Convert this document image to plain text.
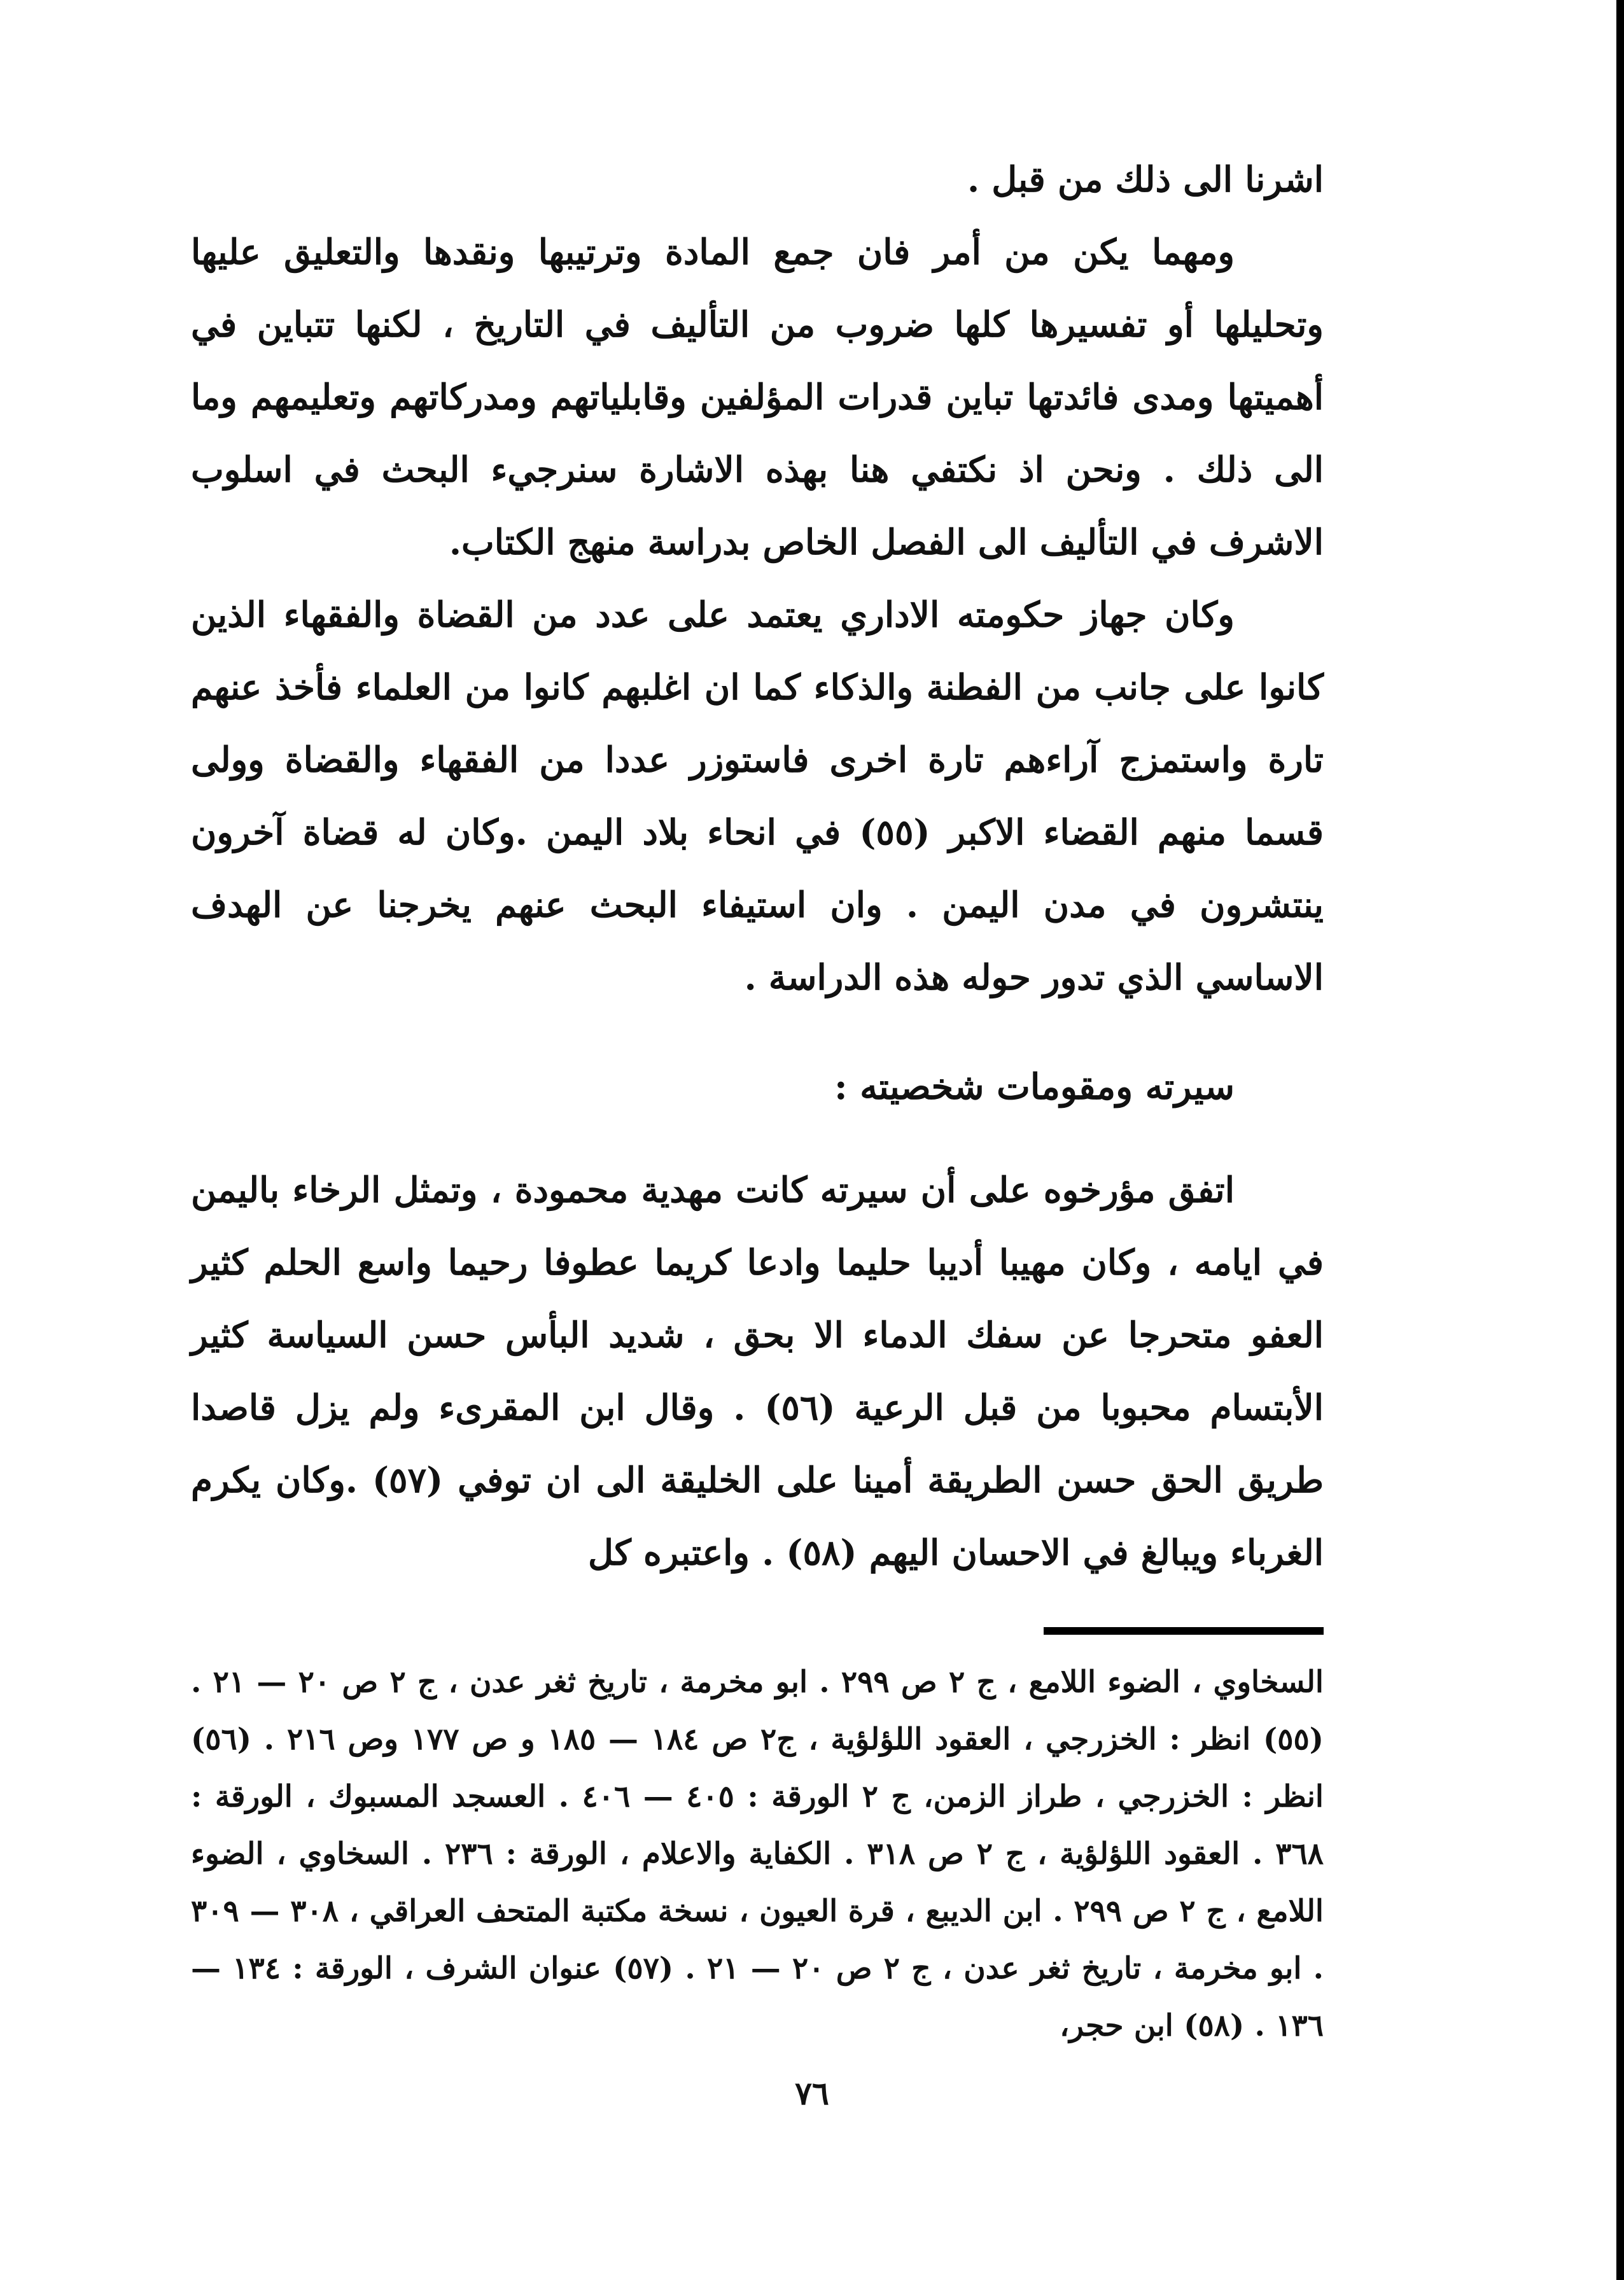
اشرنا الى ذلك من قبل .

ومهما يكن من أمر فان جمع المادة وترتيبها ونقدها والتعليق عليها وتحليلها أو تفسيرها كلها ضروب من التأليف في التاريخ ، لكنها تتباين في أهميتها ومدى فائدتها تباين قدرات المؤلفين وقابلياتهم ومدركاتهم وتعليمهم وما الى ذلك . ونحن اذ نكتفي هنا بهذه الاشارة سنرجيء البحث في اسلوب الاشرف في التأليف الى الفصل الخاص بدراسة منهج الكتاب.

وكان جهاز حكومته الاداري يعتمد على عدد من القضاة والفقهاء الذين كانوا على جانب من الفطنة والذكاء كما ان اغلبهم كانوا من العلماء فأخذ عنهم تارة واستمزج آراءهم تارة اخرى فاستوزر عددا من الفقهاء والقضاة وولى قسما منهم القضاء الاكبر (٥٥) في انحاء بلاد اليمن .وكان له قضاة آخرون ينتشرون في مدن اليمن . وان استيفاء البحث عنهم يخرجنا عن الهدف الاساسي الذي تدور حوله هذه الدراسة .

سيرته ومقومات شخصيته :

اتفق مؤرخوه على أن سيرته كانت مهدية محمودة ، وتمثل الرخاء باليمن في ايامه ، وكان مهيبا أديبا حليما وادعا كريما عطوفا رحيما واسع الحلم كثير العفو متحرجا عن سفك الدماء الا بحق ، شديد البأس حسن السياسة كثير الأبتسام محبوبا من قبل الرعية (٥٦) . وقال ابن المقرىء ولم يزل قاصدا طريق الحق حسن الطريقة أمينا على الخليقة الى ان توفي (٥٧) .وكان يكرم الغرباء ويبالغ في الاحسان اليهم (٥٨) . واعتبره كل

السخاوي ، الضوء اللامع ، ج ٢ ص ٢٩٩ . ابو مخرمة ، تاريخ ثغر عدن ، ج ٢ ص ٢٠ — ٢١ . (٥٥) انظر : الخزرجي ، العقود اللؤلؤية ، ج٢ ص ١٨٤ — ١٨٥ و ص ١٧٧ وص ٢١٦ . (٥٦) انظر : الخزرجي ، طراز الزمن، ج ٢ الورقة : ٤٠٥ — ٤٠٦ . العسجد المسبوك ، الورقة : ٣٦٨ . العقود اللؤلؤية ، ج ٢ ص ٣١٨ . الكفاية والاعلام ، الورقة : ٢٣٦ . السخاوي ، الضوء اللامع ، ج ٢ ص ٢٩٩ . ابن الديبع ، قرة العيون ، نسخة مكتبة المتحف العراقي ، ٣٠٨ — ٣٠٩ . ابو مخرمة ، تاريخ ثغر عدن ، ج ٢ ص ٢٠ — ٢١ . (٥٧) عنوان الشرف ، الورقة : ١٣٤ — ١٣٦ . (٥٨) ابن حجر،

٧٦
